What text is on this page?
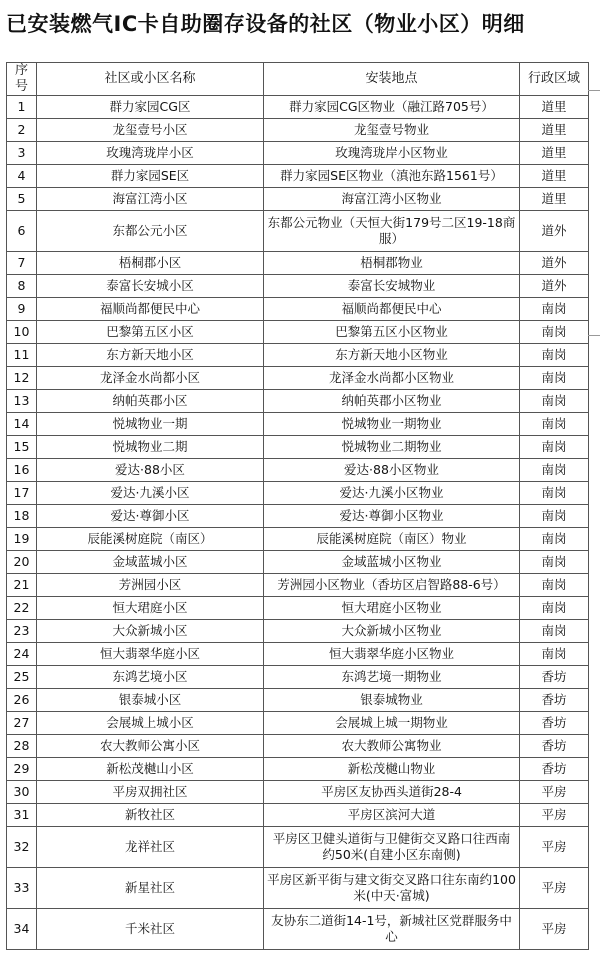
已安装燃气IC卡自助圈存设备的社区（物业小区）明细
序号	社区或小区名称	安装地点	行政区域
1	群力家园CG区	群力家园CG区物业（融江路705号）	道里
2	龙玺壹号小区	龙玺壹号物业	道里
3	玫瑰湾珑岸小区	玫瑰湾珑岸小区物业	道里
4	群力家园SE区	群力家园SE区物业（滇池东路1561号）	道里
5	海富江湾小区	海富江湾小区物业	道里
6	东都公元小区	东都公元物业（天恒大街179号二区19-18商服）	道外
7	梧桐郡小区	梧桐郡物业	道外
8	泰富长安城小区	泰富长安城物业	道外
9	福顺尚都便民中心	福顺尚都便民中心	南岗
10	巴黎第五区小区	巴黎第五区小区物业	南岗
11	东方新天地小区	东方新天地小区物业	南岗
12	龙泽金水尚都小区	龙泽金水尚都小区物业	南岗
13	纳帕英郡小区	纳帕英郡小区物业	南岗
14	悦城物业一期	悦城物业一期物业	南岗
15	悦城物业二期	悦城物业二期物业	南岗
16	爱达·88小区	爱达·88小区物业	南岗
17	爱达·九溪小区	爱达·九溪小区物业	南岗
18	爱达·尊御小区	爱达·尊御小区物业	南岗
19	辰能溪树庭院（南区）	辰能溪树庭院（南区）物业	南岗
20	金域蓝城小区	金域蓝城小区物业	南岗
21	芳洲园小区	芳洲园小区物业（香坊区启智路88-6号）	南岗
22	恒大珺庭小区	恒大珺庭小区物业	南岗
23	大众新城小区	大众新城小区物业	南岗
24	恒大翡翠华庭小区	恒大翡翠华庭小区物业	南岗
25	东鸿艺境小区	东鸿艺境一期物业	香坊
26	银泰城小区	银泰城物业	香坊
27	会展城上城小区	会展城上城一期物业	香坊
28	农大教师公寓小区	农大教师公寓物业	香坊
29	新松茂樾山小区	新松茂樾山物业	香坊
30	平房双拥社区	平房区友协西头道街28-4	平房
31	新牧社区	平房区滨河大道	平房
32	龙祥社区	平房区卫健头道街与卫健街交叉路口往西南约50米(自建小区东南侧)	平房
33	新星社区	平房区新平街与建文街交叉路口往东南约100米(中天·富城)	平房
34	千米社区	友协东二道街14-1号，新城社区党群服务中心	平房
